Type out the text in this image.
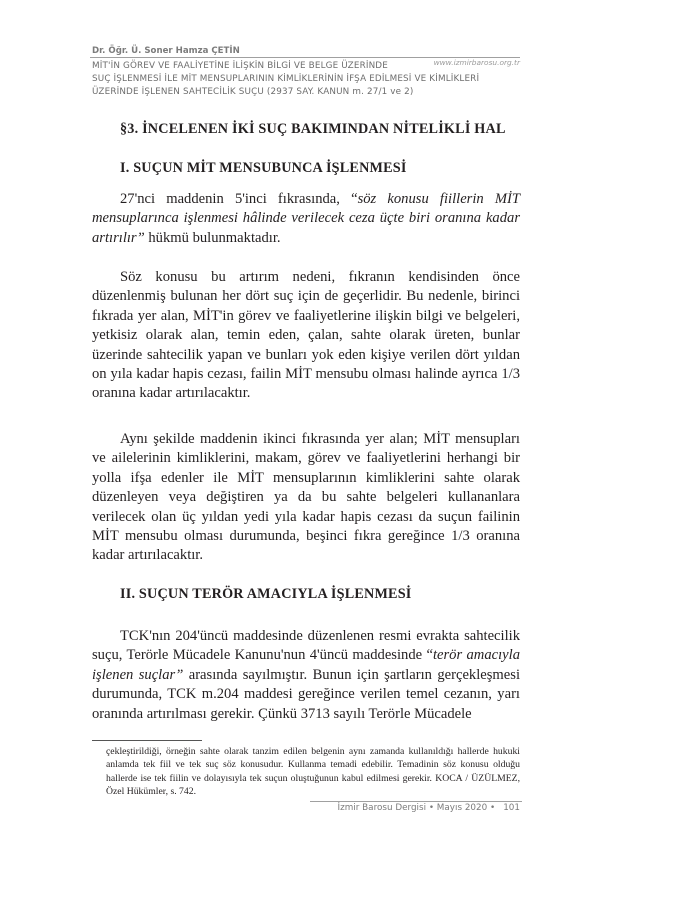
Dr. Öğr. Ü. Soner Hamza ÇETİN
www.izmirbarosu.org.tr
MİT'İN GÖREV VE FAALİYETİNE İLİŞKİN BİLGİ VE BELGE ÜZERİNDE
SUÇ İŞLENMESİ İLE MİT MENSUPLARININ KİMLİKLERİNİN İFŞA EDİLMESİ VE KİMLİKLERİ
ÜZERİNDE İŞLENEN SAHTECİLİK SUÇU (2937 SAY. KANUN m. 27/1 ve 2)
§3. İNCELENEN İKİ SUÇ BAKIMINDAN NİTELİKLİ HAL
I. SUÇUN MİT MENSUBUNCA İŞLENMESİ

27'nci maddenin 5'inci fıkrasında, “söz konusu fiillerin MİT mensuplarınca işlenmesi hâlinde verilecek ceza üçte biri oranına kadar artırılır” hükmü bulunmaktadır.

Söz konusu bu artırım nedeni, fıkranın kendisinden önce düzenlenmiş bulunan her dört suç için de geçerlidir. Bu nedenle, birinci fıkrada yer alan, MİT'in görev ve faaliyetlerine ilişkin bilgi ve belgeleri, yetkisiz olarak alan, temin eden, çalan, sahte olarak üreten, bunlar üzerinde sahtecilik yapan ve bunları yok eden kişiye verilen dört yıldan on yıla kadar hapis cezası, failin MİT mensubu olması halinde ayrıca 1/3 oranına kadar artırılacaktır.

Aynı şekilde maddenin ikinci fıkrasında yer alan; MİT mensupları ve ailelerinin kimliklerini, makam, görev ve faaliyetlerini herhangi bir yolla ifşa edenler ile MİT mensuplarının kimliklerini sahte olarak düzenleyen veya değiştiren ya da bu sahte belgeleri kullananlara verilecek olan üç yıldan yedi yıla kadar hapis cezası da suçun failinin MİT mensubu olması durumunda, beşinci fıkra gereğince 1/3 oranına kadar artırılacaktır.

II. SUÇUN TERÖR AMACIYLA İŞLENMESİ

TCK'nın 204'üncü maddesinde düzenlenen resmi evrakta sahtecilik suçu, Terörle Mücadele Kanunu'nun 4'üncü maddesinde “terör amacıyla işlenen suçlar” arasında sayılmıştır. Bunun için şartların gerçekleşmesi durumunda, TCK m.204 maddesi gereğince verilen temel cezanın, yarı oranında artırılması gerekir. Çünkü 3713 sayılı Terörle Mücadele

çekleştirildiği, örneğin sahte olarak tanzim edilen belgenin aynı zamanda kullanıldığı hallerde hukuki anlamda tek fiil ve tek suç söz konusudur. Kullanma temadi edebilir. Temadinin söz konusu olduğu hallerde ise tek fiilin ve dolayısıyla tek suçun oluştuğunun kabul edilmesi gerekir. KOCA / ÜZÜLMEZ, Özel Hükümler, s. 742.

İzmir Barosu Dergisi • Mayıs 2020 • 101
